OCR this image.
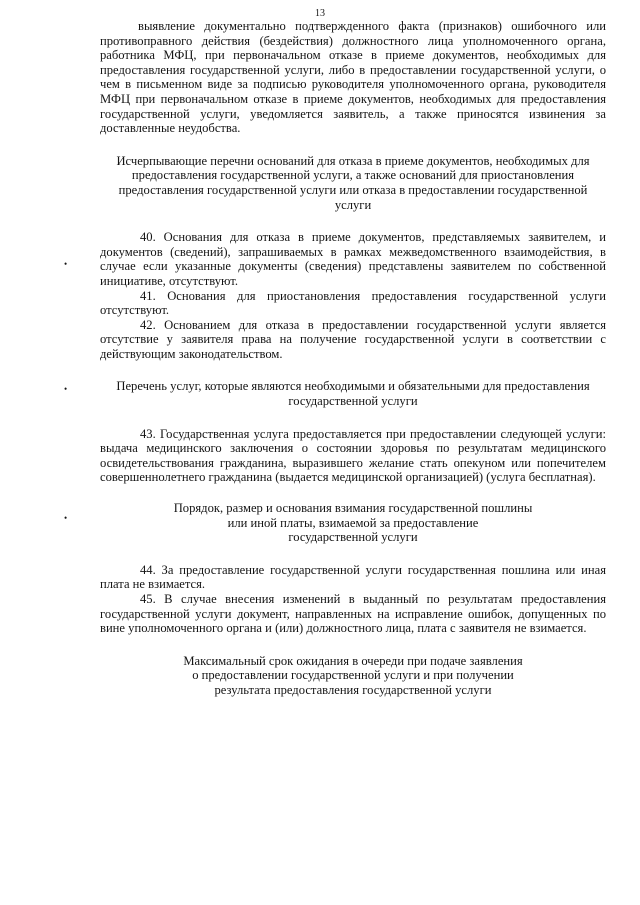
13
•
•
•

выявление документально подтвержденного факта (признаков) ошибочного или противоправного действия (бездействия) должностного лица уполномоченного органа, работника МФЦ, при первоначальном отказе в приеме документов, необходимых для предоставления государственной услуги, либо в предоставлении государственной услуги, о чем в письменном виде за подписью руководителя уполномоченного органа, руководителя МФЦ при первоначальном отказе в приеме документов, необходимых для предоставления государственной услуги, уведомляется заявитель, а также приносятся извинения за доставленные неудобства.

Исчерпывающие перечни оснований для отказа в приеме документов, необходимых для предоставления государственной услуги, а также оснований для приостановления предоставления государственной услуги или отказа в предоставлении государственной услуги

40. Основания для отказа в приеме документов, представляемых заявителем, и документов (сведений), запрашиваемых в рамках межведомственного взаимодействия, в случае если указанные документы (сведения) представлены заявителем по собственной инициативе, отсутствуют.

41. Основания для приостановления предоставления государственной услуги отсутствуют.

42. Основанием для отказа в предоставлении государственной услуги является отсутствие у заявителя права на получение государственной услуги в соответствии с действующим законодательством.

Перечень услуг, которые являются необходимыми и обязательными для предоставления государственной услуги

43. Государственная услуга предоставляется при предоставлении следующей услуги: выдача медицинского заключения о состоянии здоровья по результатам медицинского освидетельствования гражданина, выразившего желание стать опекуном или попечителем совершеннолетнего гражданина (выдается медицинской организацией) (услуга бесплатная).

Порядок, размер и основания взимания государственной пошлины

или иной платы, взимаемой за предоставление

государственной услуги

44. За предоставление государственной услуги государственная пошлина или иная плата не взимается.

45. В случае внесения изменений в выданный по результатам предоставления государственной услуги документ, направленных на исправление ошибок, допущенных по вине уполномоченного органа и (или) должностного лица, плата с заявителя не взимается.

Максимальный срок ожидания в очереди при подаче заявления

о предоставлении государственной услуги и при получении

результата предоставления государственной услуги
